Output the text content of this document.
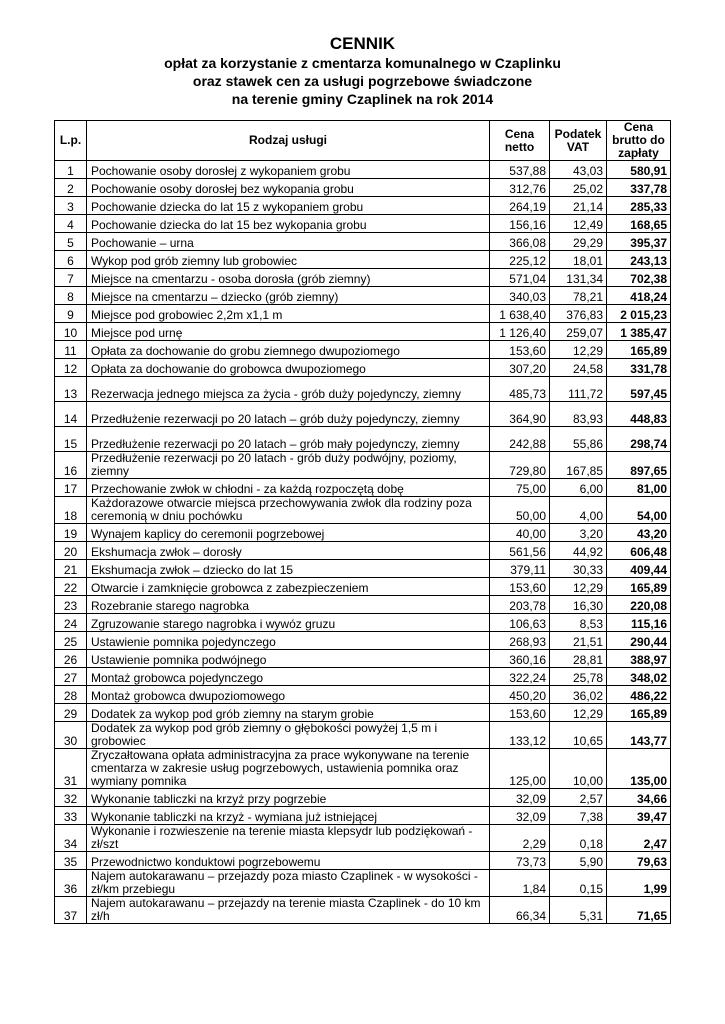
CENNIK
opłat za korzystanie z cmentarza komunalnego w Czaplinku
oraz stawek cen za usługi pogrzebowe świadczone
na terenie gminy Czaplinek na rok 2014
L.p.	Rodzaj usługi	Cena netto	Podatek VAT	Cena brutto do zapłaty
1	Pochowanie osoby dorosłej z wykopaniem grobu	537,88	43,03	580,91
2	Pochowanie osoby dorosłej bez wykopania grobu	312,76	25,02	337,78
3	Pochowanie dziecka do lat 15 z wykopaniem grobu	264,19	21,14	285,33
4	Pochowanie dziecka do lat 15 bez wykopania grobu	156,16	12,49	168,65
5	Pochowanie – urna	366,08	29,29	395,37
6	Wykop pod grób ziemny lub grobowiec	225,12	18,01	243,13
7	Miejsce na cmentarzu - osoba dorosła (grób ziemny)	571,04	131,34	702,38
8	Miejsce na cmentarzu – dziecko (grób ziemny)	340,03	78,21	418,24
9	Miejsce pod grobowiec 2,2m x1,1 m	1 638,40	376,83	2 015,23
10	Miejsce pod urnę	1 126,40	259,07	1 385,47
11	Opłata za dochowanie do grobu ziemnego dwupoziomego	153,60	12,29	165,89
12	Opłata za dochowanie do grobowca dwupoziomego	307,20	24,58	331,78
13	Rezerwacja jednego miejsca za życia - grób duży pojedynczy, ziemny	485,73	111,72	597,45
14	Przedłużenie rezerwacji po 20 latach – grób duży pojedynczy, ziemny	364,90	83,93	448,83
15	Przedłużenie rezerwacji po 20 latach – grób mały pojedynczy, ziemny	242,88	55,86	298,74
16	Przedłużenie rezerwacji po 20 latach - grób duży podwójny, poziomy, ziemny	729,80	167,85	897,65
17	Przechowanie zwłok w chłodni - za każdą rozpoczętą dobę	75,00	6,00	81,00
18	Każdorazowe otwarcie miejsca przechowywania zwłok dla rodziny poza ceremonią w dniu pochówku	50,00	4,00	54,00
19	Wynajem kaplicy do ceremonii pogrzebowej	40,00	3,20	43,20
20	Ekshumacja zwłok – dorosły	561,56	44,92	606,48
21	Ekshumacja zwłok – dziecko do lat 15	379,11	30,33	409,44
22	Otwarcie i zamknięcie grobowca z zabezpieczeniem	153,60	12,29	165,89
23	Rozebranie starego nagrobka	203,78	16,30	220,08
24	Zgruzowanie starego nagrobka i wywóz gruzu	106,63	8,53	115,16
25	Ustawienie pomnika pojedynczego	268,93	21,51	290,44
26	Ustawienie pomnika podwójnego	360,16	28,81	388,97
27	Montaż grobowca pojedynczego	322,24	25,78	348,02
28	Montaż grobowca dwupoziomowego	450,20	36,02	486,22
29	Dodatek za wykop pod grób ziemny na starym grobie	153,60	12,29	165,89
30	Dodatek za wykop pod grób ziemny o głębokości powyżej 1,5 m i grobowiec	133,12	10,65	143,77
31	Zryczałtowana opłata administracyjna za prace wykonywane na terenie cmentarza w zakresie usług pogrzebowych, ustawienia pomnika oraz wymiany pomnika	125,00	10,00	135,00
32	Wykonanie tabliczki na krzyż przy pogrzebie	32,09	2,57	34,66
33	Wykonanie tabliczki na krzyż - wymiana już istniejącej	32,09	7,38	39,47
34	Wykonanie i rozwieszenie na terenie miasta klepsydr lub podziękowań - zł/szt	2,29	0,18	2,47
35	Przewodnictwo konduktowi pogrzebowemu	73,73	5,90	79,63
36	Najem autokarawanu – przejazdy poza miasto Czaplinek - w wysokości - zł/km przebiegu	1,84	0,15	1,99
37	Najem autokarawanu – przejazdy na terenie miasta Czaplinek - do 10 km zł/h	66,34	5,31	71,65
